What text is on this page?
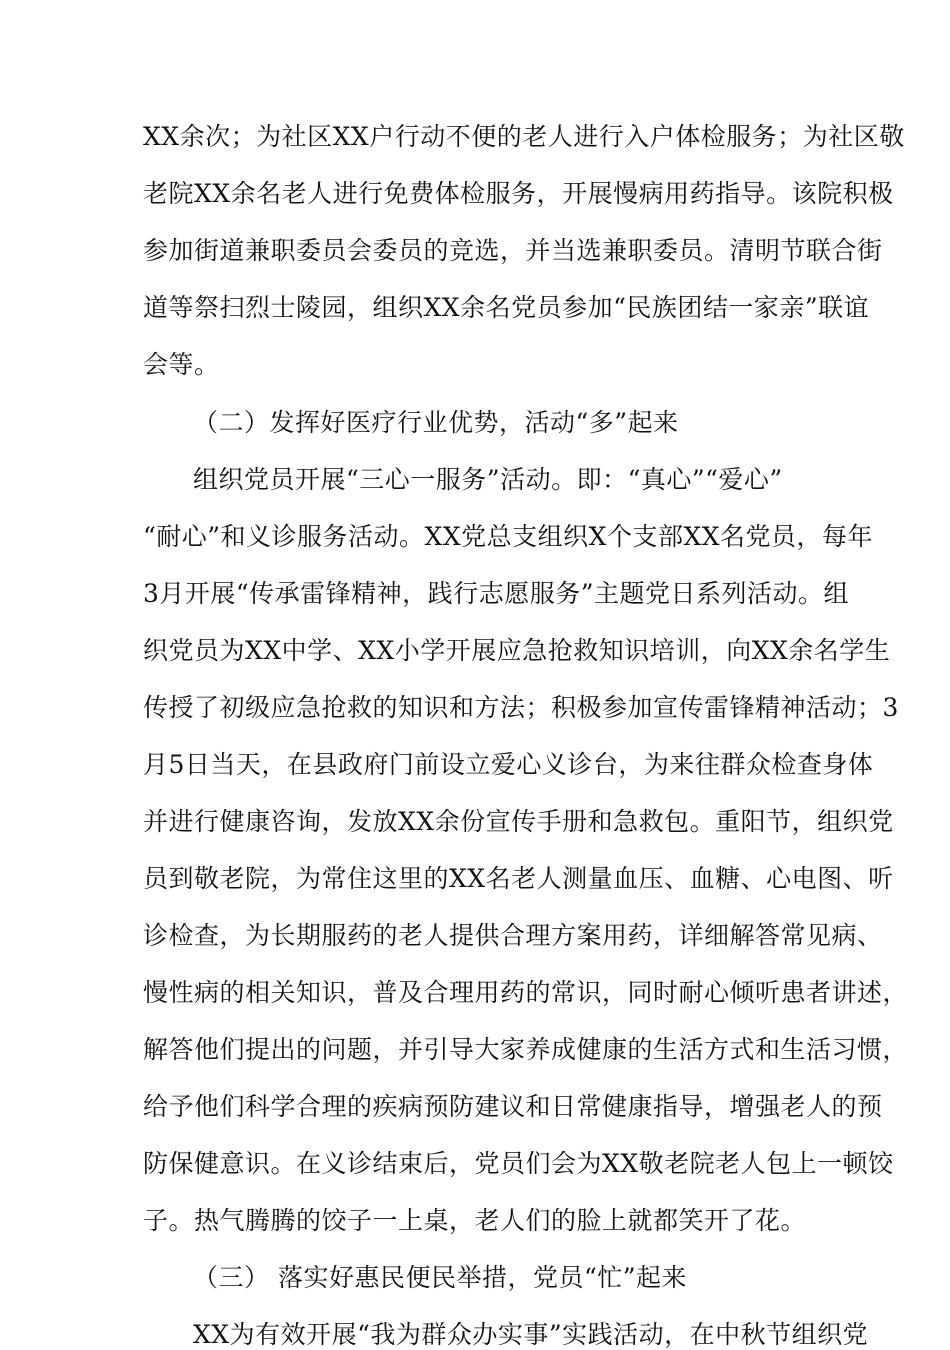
XX余次；为社区XX户行动不便的老人进行入户体检服务；为社区敬
老院XX余名老人进行免费体检服务，开展慢病用药指导。该院积极
参加街道兼职委员会委员的竞选，并当选兼职委员。清明节联合街
道等祭扫烈士陵园，组织XX余名党员参加“民族团结一家亲”联谊
会等。
（二）发挥好医疗行业优势，活动“多”起来
组织党员开展“三心一服务”活动。即：“真心”“爱心”
“耐心”和义诊服务活动。XX党总支组织X个支部XX名党员，每年
3月开展“传承雷锋精神，践行志愿服务”主题党日系列活动。组
织党员为XX中学、XX小学开展应急抢救知识培训，向XX余名学生
传授了初级应急抢救的知识和方法；积极参加宣传雷锋精神活动；3
月5日当天，在县政府门前设立爱心义诊台，为来往群众检查身体
并进行健康咨询，发放XX余份宣传手册和急救包。重阳节，组织党
员到敬老院，为常住这里的XX名老人测量血压、血糖、心电图、听
诊检查，为长期服药的老人提供合理方案用药，详细解答常见病、
慢性病的相关知识，普及合理用药的常识，同时耐心倾听患者讲述，
解答他们提出的问题，并引导大家养成健康的生活方式和生活习惯，
给予他们科学合理的疾病预防建议和日常健康指导，增强老人的预
防保健意识。在义诊结束后，党员们会为XX敬老院老人包上一顿饺
子。热气腾腾的饺子一上桌，老人们的脸上就都笑开了花。
（三） 落实好惠民便民举措，党员“忙”起来
XX为有效开展“我为群众办实事”实践活动，在中秋节组织党
